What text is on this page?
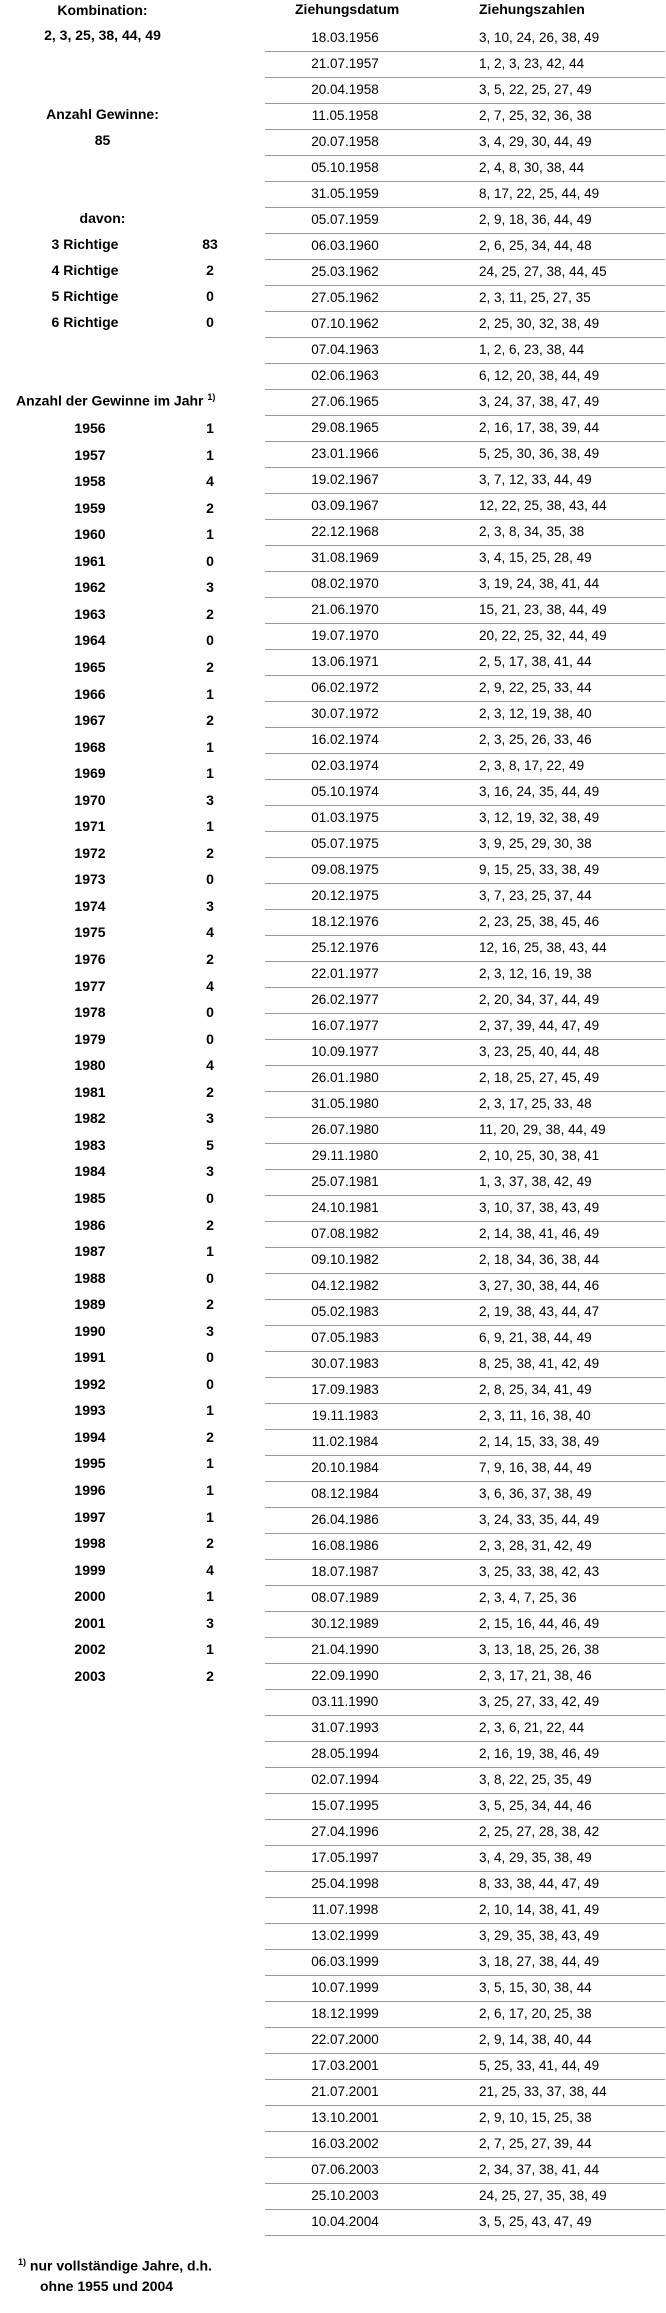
Kombination:
2, 3, 25, 38, 44, 49
Anzahl Gewinne:
85
davon:
3 Richtige	83
4 Richtige	2
5 Richtige	0
6 Richtige	0
Anzahl der Gewinne im Jahr $^{1)}$
1956	1
1957	1
1958	4
1959	2
1960	1
1961	0
1962	3
1963	2
1964	0
1965	2
1966	1
1967	2
1968	1
1969	1
1970	3
1971	1
1972	2
1973	0
1974	3
1975	4
1976	2
1977	4
1978	0
1979	0
1980	4
1981	2
1982	3
1983	5
1984	3
1985	0
1986	2
1987	1
1988	0
1989	2
1990	3
1991	0
1992	0
1993	1
1994	2
1995	1
1996	1
1997	1
1998	2
1999	4
2000	1
2001	3
2002	1
2003	2
Ziehungsdatum	Ziehungszahlen
18.03.1956	3, 10, 24, 26, 38, 49
21.07.1957	1, 2, 3, 23, 42, 44
20.04.1958	3, 5, 22, 25, 27, 49
11.05.1958	2, 7, 25, 32, 36, 38
20.07.1958	3, 4, 29, 30, 44, 49
05.10.1958	2, 4, 8, 30, 38, 44
31.05.1959	8, 17, 22, 25, 44, 49
05.07.1959	2, 9, 18, 36, 44, 49
06.03.1960	2, 6, 25, 34, 44, 48
25.03.1962	24, 25, 27, 38, 44, 45
27.05.1962	2, 3, 11, 25, 27, 35
07.10.1962	2, 25, 30, 32, 38, 49
07.04.1963	1, 2, 6, 23, 38, 44
02.06.1963	6, 12, 20, 38, 44, 49
27.06.1965	3, 24, 37, 38, 47, 49
29.08.1965	2, 16, 17, 38, 39, 44
23.01.1966	5, 25, 30, 36, 38, 49
19.02.1967	3, 7, 12, 33, 44, 49
03.09.1967	12, 22, 25, 38, 43, 44
22.12.1968	2, 3, 8, 34, 35, 38
31.08.1969	3, 4, 15, 25, 28, 49
08.02.1970	3, 19, 24, 38, 41, 44
21.06.1970	15, 21, 23, 38, 44, 49
19.07.1970	20, 22, 25, 32, 44, 49
13.06.1971	2, 5, 17, 38, 41, 44
06.02.1972	2, 9, 22, 25, 33, 44
30.07.1972	2, 3, 12, 19, 38, 40
16.02.1974	2, 3, 25, 26, 33, 46
02.03.1974	2, 3, 8, 17, 22, 49
05.10.1974	3, 16, 24, 35, 44, 49
01.03.1975	3, 12, 19, 32, 38, 49
05.07.1975	3, 9, 25, 29, 30, 38
09.08.1975	9, 15, 25, 33, 38, 49
20.12.1975	3, 7, 23, 25, 37, 44
18.12.1976	2, 23, 25, 38, 45, 46
25.12.1976	12, 16, 25, 38, 43, 44
22.01.1977	2, 3, 12, 16, 19, 38
26.02.1977	2, 20, 34, 37, 44, 49
16.07.1977	2, 37, 39, 44, 47, 49
10.09.1977	3, 23, 25, 40, 44, 48
26.01.1980	2, 18, 25, 27, 45, 49
31.05.1980	2, 3, 17, 25, 33, 48
26.07.1980	11, 20, 29, 38, 44, 49
29.11.1980	2, 10, 25, 30, 38, 41
25.07.1981	1, 3, 37, 38, 42, 49
24.10.1981	3, 10, 37, 38, 43, 49
07.08.1982	2, 14, 38, 41, 46, 49
09.10.1982	2, 18, 34, 36, 38, 44
04.12.1982	3, 27, 30, 38, 44, 46
05.02.1983	2, 19, 38, 43, 44, 47
07.05.1983	6, 9, 21, 38, 44, 49
30.07.1983	8, 25, 38, 41, 42, 49
17.09.1983	2, 8, 25, 34, 41, 49
19.11.1983	2, 3, 11, 16, 38, 40
11.02.1984	2, 14, 15, 33, 38, 49
20.10.1984	7, 9, 16, 38, 44, 49
08.12.1984	3, 6, 36, 37, 38, 49
26.04.1986	3, 24, 33, 35, 44, 49
16.08.1986	2, 3, 28, 31, 42, 49
18.07.1987	3, 25, 33, 38, 42, 43
08.07.1989	2, 3, 4, 7, 25, 36
30.12.1989	2, 15, 16, 44, 46, 49
21.04.1990	3, 13, 18, 25, 26, 38
22.09.1990	2, 3, 17, 21, 38, 46
03.11.1990	3, 25, 27, 33, 42, 49
31.07.1993	2, 3, 6, 21, 22, 44
28.05.1994	2, 16, 19, 38, 46, 49
02.07.1994	3, 8, 22, 25, 35, 49
15.07.1995	3, 5, 25, 34, 44, 46
27.04.1996	2, 25, 27, 28, 38, 42
17.05.1997	3, 4, 29, 35, 38, 49
25.04.1998	8, 33, 38, 44, 47, 49
11.07.1998	2, 10, 14, 38, 41, 49
13.02.1999	3, 29, 35, 38, 43, 49
06.03.1999	3, 18, 27, 38, 44, 49
10.07.1999	3, 5, 15, 30, 38, 44
18.12.1999	2, 6, 17, 20, 25, 38
22.07.2000	2, 9, 14, 38, 40, 44
17.03.2001	5, 25, 33, 41, 44, 49
21.07.2001	21, 25, 33, 37, 38, 44
13.10.2001	2, 9, 10, 15, 25, 38
16.03.2002	2, 7, 25, 27, 39, 44
07.06.2003	2, 34, 37, 38, 41, 44
25.10.2003	24, 25, 27, 35, 38, 49
10.04.2004	3, 5, 25, 43, 47, 49
$^{1)}$ nur vollständige Jahre, d.h.
ohne 1955 und 2004
